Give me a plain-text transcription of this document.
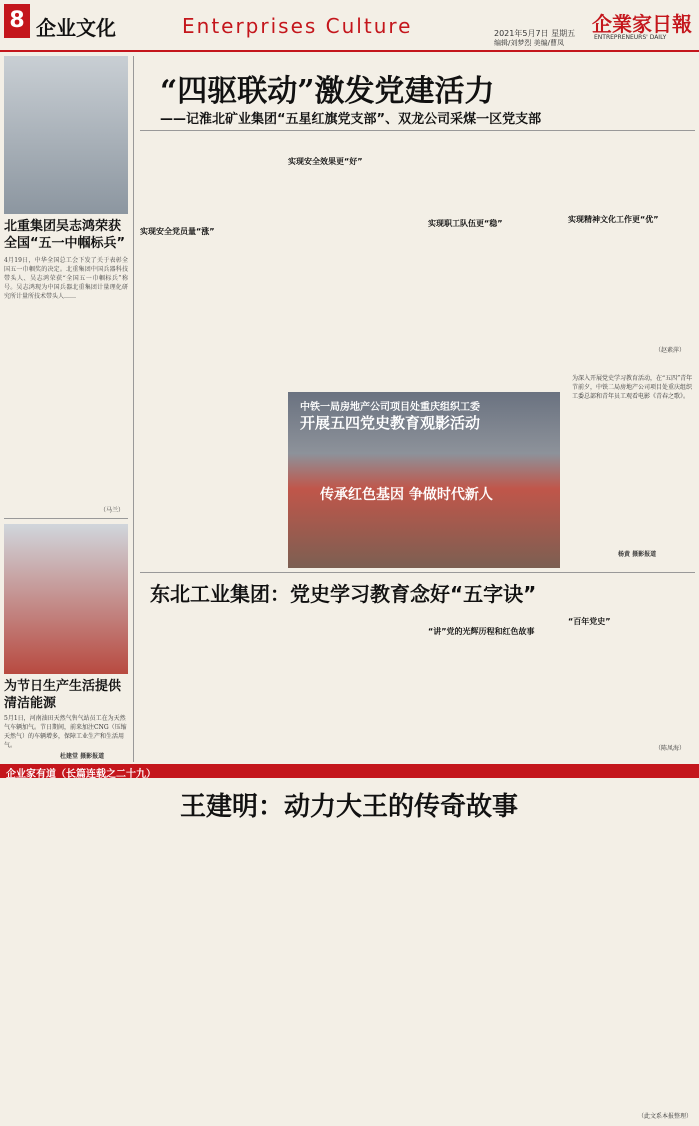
8 企业文化	Enterprises Culture	2021年5月7日 星期五
编辑/刘梦烈 美编/曹凤
企業家日報
ENTREPRENEURS' DAILY
北重集团吴志鸿荣获全国“五一中帼标兵”
4月19日，中华全国总工会下发了关于表彰全国五一巾帼奖的决定。北重集团中国兵器科技带头人、吴志鸿荣获“全国五一巾帼标兵”称号。吴志鸿现为中国兵器北重集团计量理化研究所计量所技术带头人……
（马兰）
为节日生产生活提供清洁能源
5月1日，河南油田天然气售气站员工在为天然气车辆加气。节日期间，前来加注CNG（压缩天然气）的车辆增多，保障工业生产和生活用气。
杜建堂 摄影报道
“四驱联动”激发党建活力
——记淮北矿业集团“五星红旗党支部”、双龙公司采煤一区党支部
实现安全党员量“涨”
实现安全效果更“好”
实现职工队伍更“稳”	实现精神文化工作更“优”
（赵素萍）
中铁一局房地产公司项目处重庆组织工委
开展五四党史教育观影活动
传承红色基因 争做时代新人
为深入开展党史学习教育活动，在“五四”青年节前夕，中铁二局房地产公司项目处重庆组织工委总部和青年员工观看电影《青春之歌》。
杨黄 摄影报道
东北工业集团：党史学习教育念好“五字诀”
“讲”党的光辉历程和红色故事
“百年党史”
（陈凤海）
企业家有道（长篇连载之二十九）
王建明：动力大王的传奇故事
（此文系本报整理）
